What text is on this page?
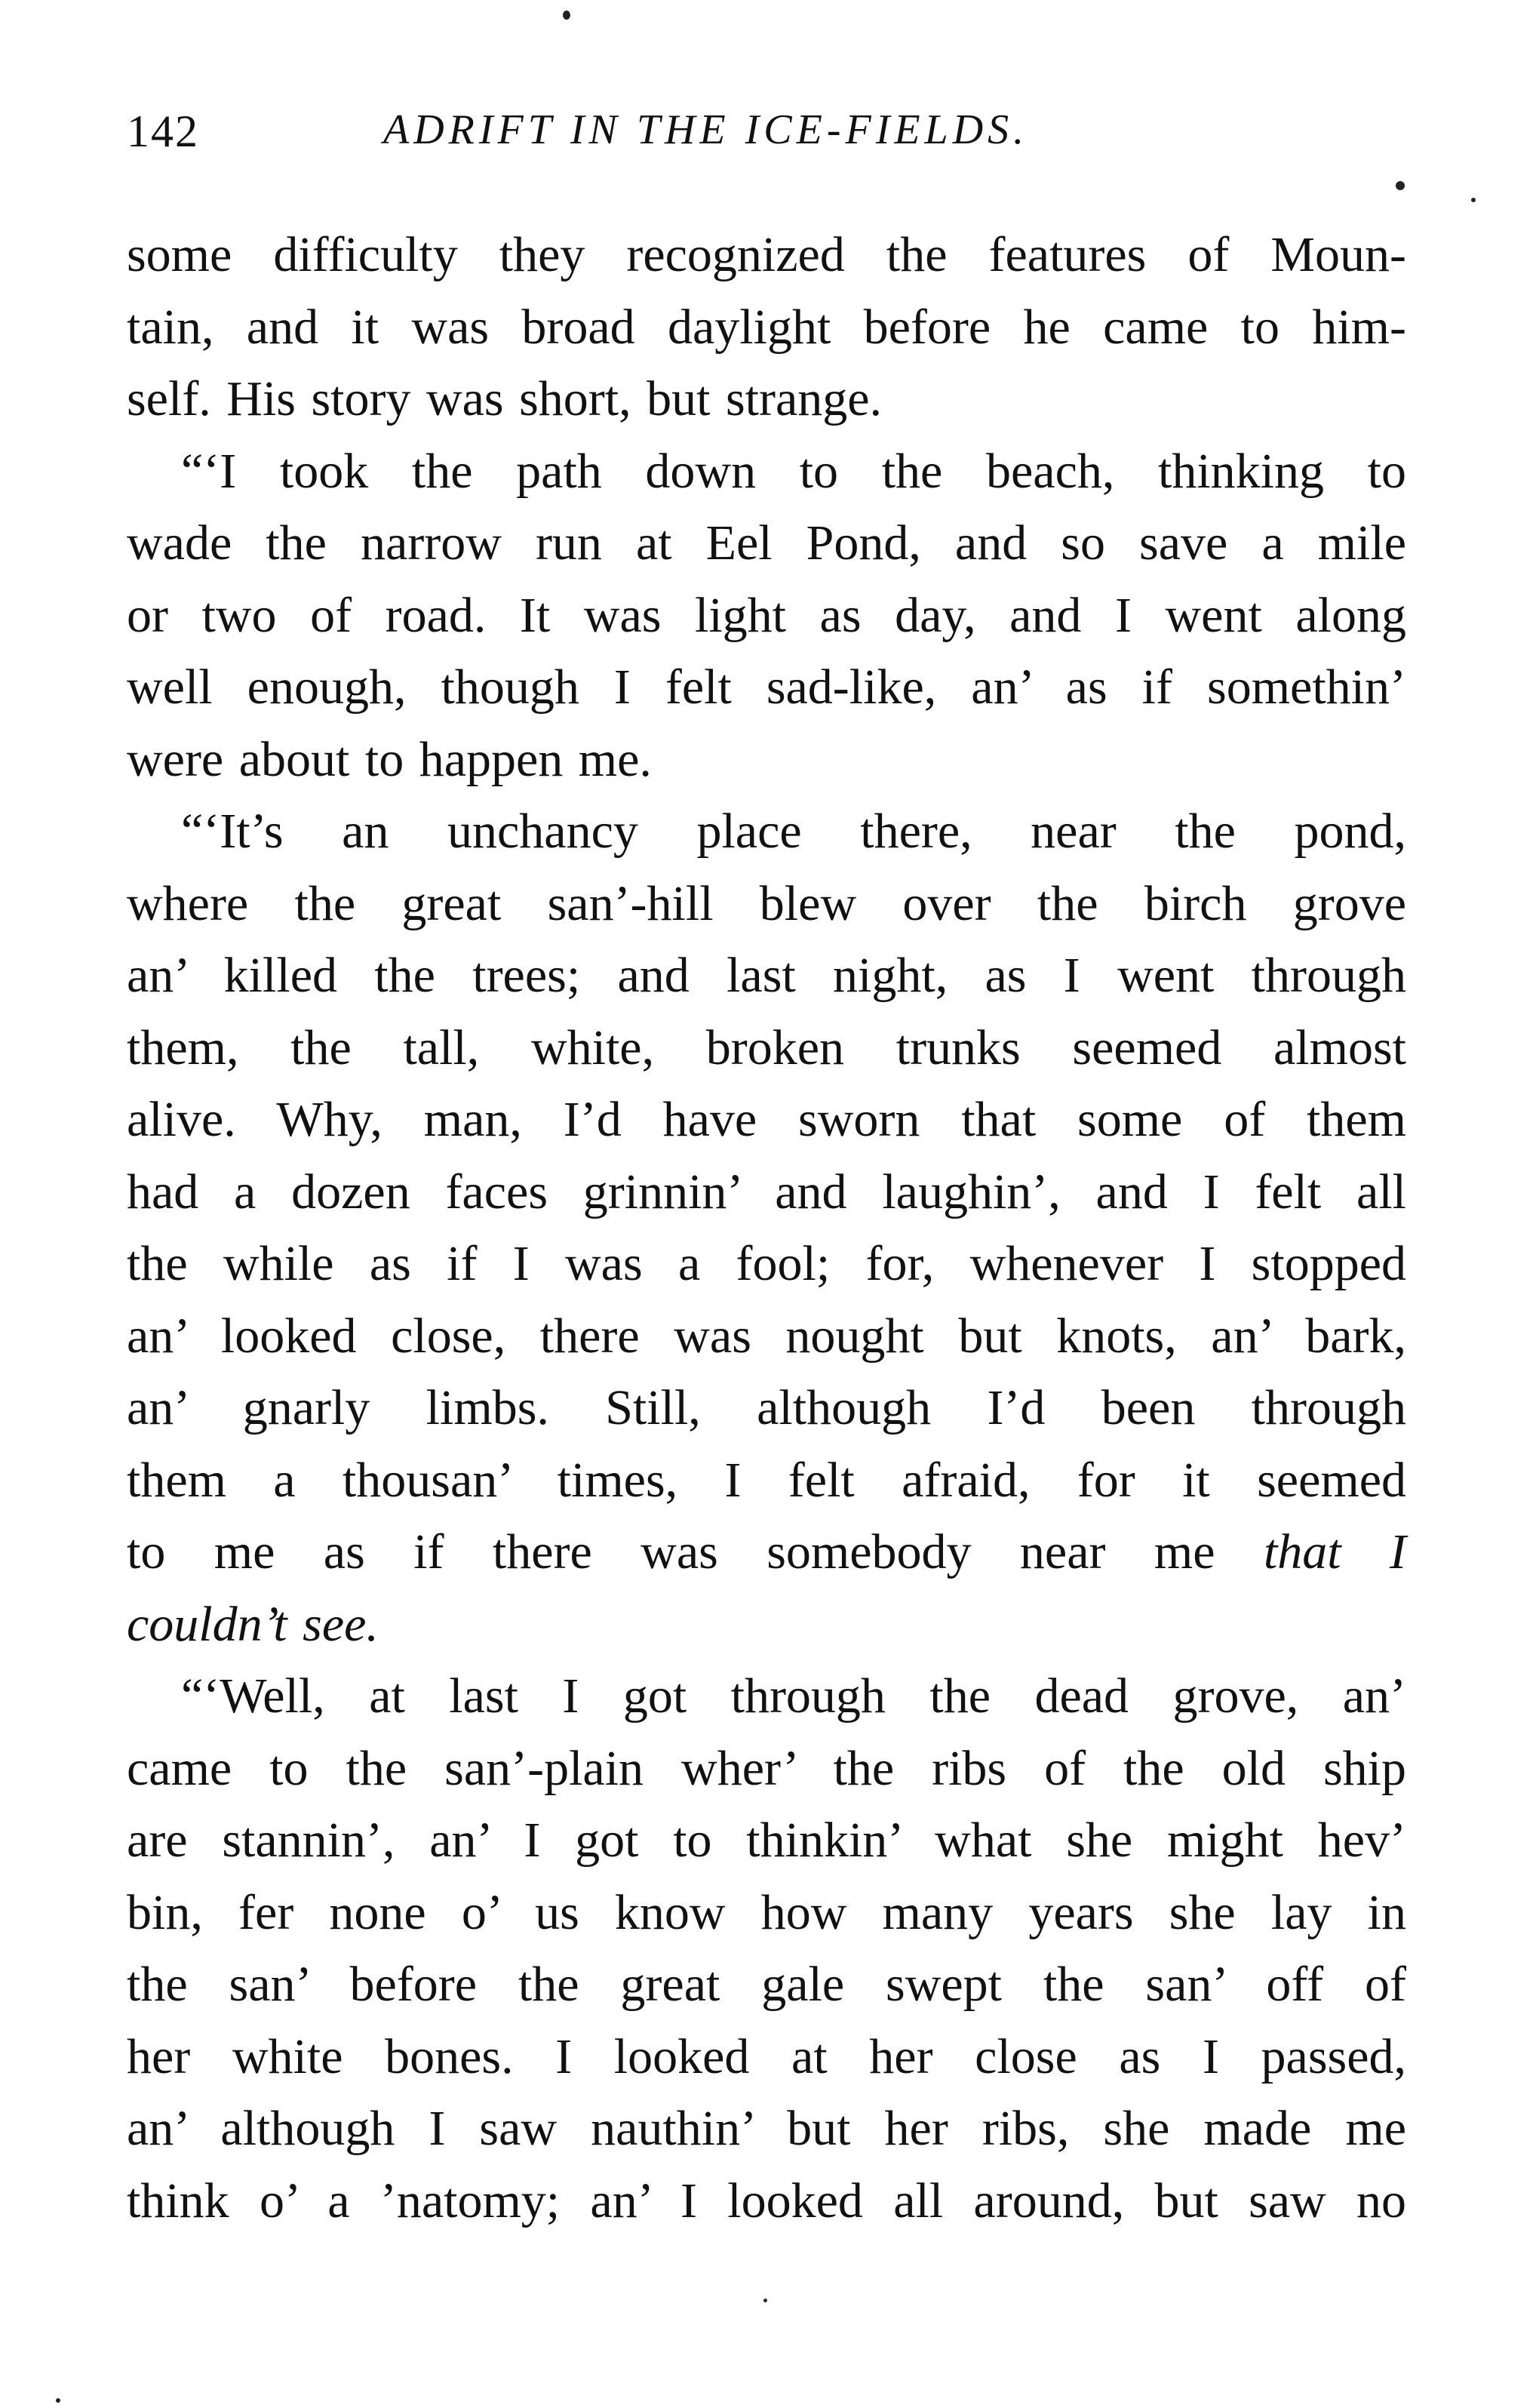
142	ADRIFT IN THE ICE-FIELDS.

some difficulty they recognized the features of Moun-
tain, and it was broad daylight before he came to him-
self. His story was short, but strange.

“‘I took the path down to the beach, thinking to
wade the narrow run at Eel Pond, and so save a mile
or two of road. It was light as day, and I went along
well enough, though I felt sad-like, an’ as if somethin’
were about to happen me.

“‘It’s an unchancy place there, near the pond,
where the great san’-hill blew over the birch grove
an’ killed the trees; and last night, as I went through
them, the tall, white, broken trunks seemed almost
alive. Why, man, I’d have sworn that some of them
had a dozen faces grinnin’ and laughin’, and I felt all
the while as if I was a fool; for, whenever I stopped
an’ looked close, there was nought but knots, an’ bark,
an’ gnarly limbs. Still, although I’d been through
them a thousan’ times, I felt afraid, for it seemed
to me as if there was somebody near me that I
couldn’t see.

“‘Well, at last I got through the dead grove, an’
came to the san’-plain wher’ the ribs of the old ship
are stannin’, an’ I got to thinkin’ what she might hev’
bin, fer none o’ us know how many years she lay in
the san’ before the great gale swept the san’ off of
her white bones. I looked at her close as I passed,
an’ although I saw nauthin’ but her ribs, she made me
think o’ a ’natomy; an’ I looked all around, but saw no
